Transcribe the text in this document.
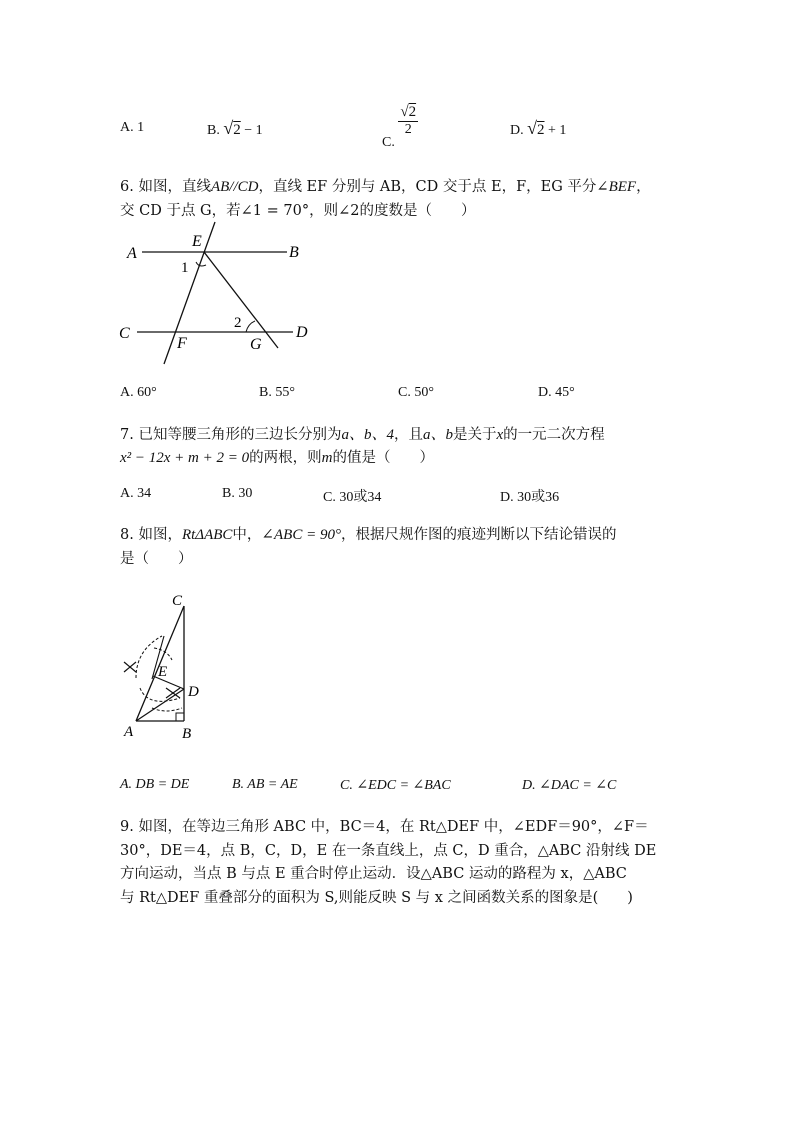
A. 1	B. √2 − 1
C.
$\frac{√2}{2}$	D. √2 + 1
6. 如图，直线AB//CD，直线 EF 分别与 AB，CD 交于点 E，F，EG 平分∠BEF，
交 CD 于点 G，若∠1 = 70°，则∠2的度数是（　　）
A	B
E
1
C	D
2
F	G
A. 60°	B. 55°	C. 50°	D. 45°
7. 已知等腰三角形的三边长分别为a、b、4，且a、b是关于x的一元二次方程
x² − 12x + m + 2 = 0的两根，则m的值是（　　）
A. 34	B. 30	C. 30或34	D. 30或36
8. 如图，RtΔABC中，∠ABC = 90°，根据尺规作图的痕迹判断以下结论错误的
是（　　）
C
E
D
A	B
A. DB = DE	B. AB = AE	C. ∠EDC = ∠BAC	D. ∠DAC = ∠C
9. 如图，在等边三角形 ABC 中，BC＝4，在 Rt△DEF 中，∠EDF＝90°，∠F＝
30°，DE＝4，点 B，C，D，E 在一条直线上，点 C，D 重合，△ABC 沿射线 DE
方向运动，当点 B 与点 E 重合时停止运动．设△ABC 运动的路程为 x，△ABC
与 Rt△DEF 重叠部分的面积为 S,则能反映 S 与 x 之间函数关系的图象是(　　)
